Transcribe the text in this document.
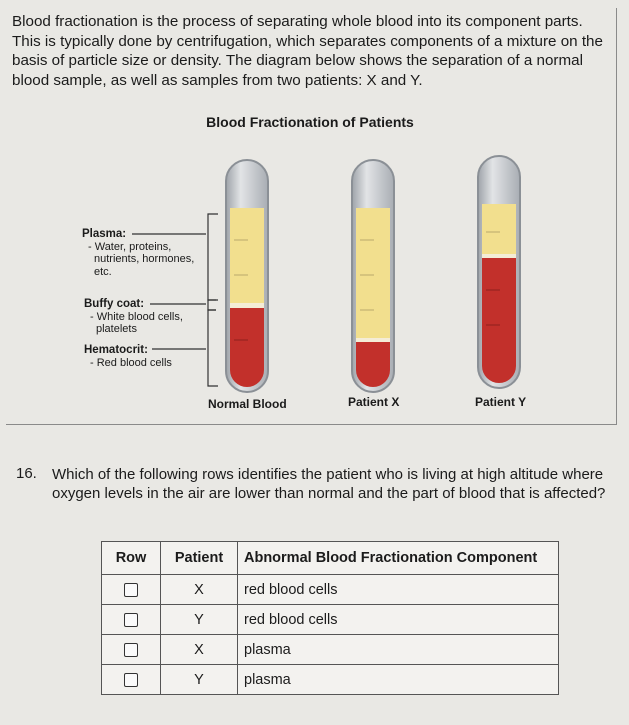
Blood fractionation is the process of separating whole blood into its component parts. This is typically done by centrifugation, which separates components of a mixture on the basis of particle size or density. The diagram below shows the separation of a normal blood sample, as well as samples from two patients: X and Y.
Blood Fractionation of Patients
Plasma:
- Water, proteins,
nutrients, hormones,
etc.
Buffy coat:
- White blood cells,
platelets
Hematocrit:
- Red blood cells
Normal Blood	Patient X	Patient Y
16. Which of the following rows identifies the patient who is living at high altitude where oxygen levels in the air are lower than normal and the part of blood that is affected?
Row	Patient	Abnormal Blood Fractionation Component
	X	red blood cells
	Y	red blood cells
	X	plasma
	Y	plasma
